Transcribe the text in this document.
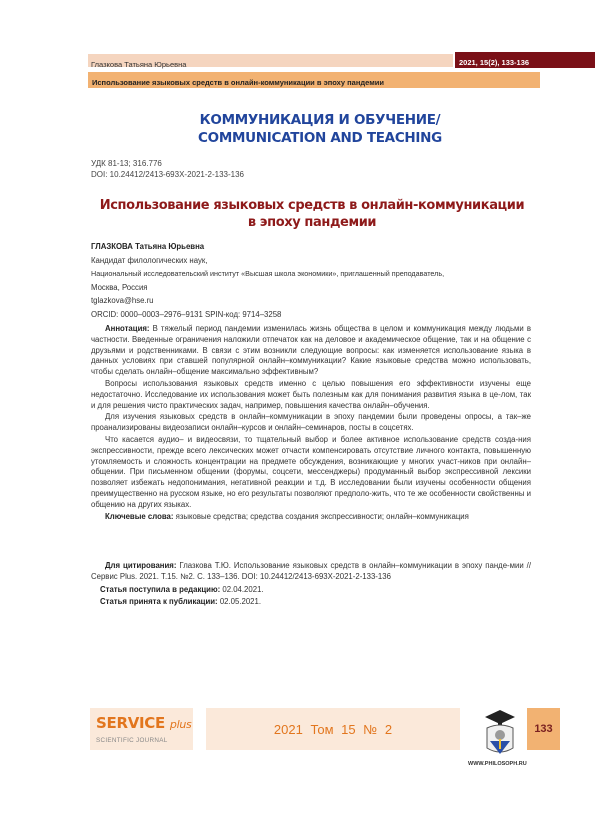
Глазкова Татьяна Юрьевна	2021, 15(2), 133-136
Использование языковых средств в онлайн-коммуникации в эпоху пандемии
КОММУНИКАЦИЯ И ОБУЧЕНИЕ/
COMMUNICATION AND TEACHING
УДК 81-13; 316.776
DOI: 10.24412/2413-693X-2021-2-133-136
Использование языковых средств в онлайн-коммуникации
в эпоху пандемии
ГЛАЗКОВА Татьяна Юрьевна
Кандидат филологических наук,
Национальный исследовательский институт «Высшая школа экономики», приглашенный преподаватель,
Москва, Россия
tglazkova@hse.ru
ORCID: 0000–0003–2976–9131 SPIN-код: 9714–3258

Аннотация: В тяжелый период пандемии изменилась жизнь общества в целом и коммуникация между людьми в частности. Введенные ограничения наложили отпечаток как на деловое и академическое общение, так и на общение с друзьями и родственниками. В связи с этим возникли следующие вопросы: как изменяется использование языка в данных условиях при ставшей популярной онлайн–коммуникации? Какие языковые средства можно использовать, чтобы сделать онлайн–общение максимально эффективным?

Вопросы использования языковых средств именно с целью повышения его эффективности изучены еще недостаточно. Исследование их использования может быть полезным как для понимания развития языка в це-лом, так и для решения чисто практических задач, например, повышения качества онлайн–обучения.

Для изучения языковых средств в онлайн–коммуникации в эпоху пандемии были проведены опросы, а так–же проанализированы видеозаписи онлайн–курсов и онлайн–семинаров, посты в соцсетях.

Что касается аудио– и видеосвязи, то тщательный выбор и более активное использование средств созда-ния экспрессивности, прежде всего лексических может отчасти компенсировать отсутствие личного контакта, повышенную утомляемость и сложность концентрации на предмете обсуждения, возникающие у многих участ-ников при онлайн–общении. При письменном общении (форумы, соцсети, мессенджеры) продуманный выбор экспрессивной лексики позволяет избежать недопонимания, негативной реакции и т.д. В исследовании были изучены особенности общения преимущественно на русском языке, но его результаты позволяют предполо-жить, что те же особенности свойственны и общению на других языках.

Ключевые слова: языковые средства; средства создания экспрессивности; онлайн–коммуникация

Для цитирования: Глазкова Т.Ю. Использование языковых средств в онлайн–коммуникации в эпоху панде-мии // Сервис Plus. 2021. Т.15. №2. С. 133–136. DOI: 10.24412/2413-693X-2021-2-133-136

Статья поступила в редакцию: 02.04.2021.
Статья принята к публикации: 02.05.2021.
SERVICE plus
SCIENTIFIC JOURNAL
2021 Том 15 № 2
WWW.PHILOSOPH.RU
133
